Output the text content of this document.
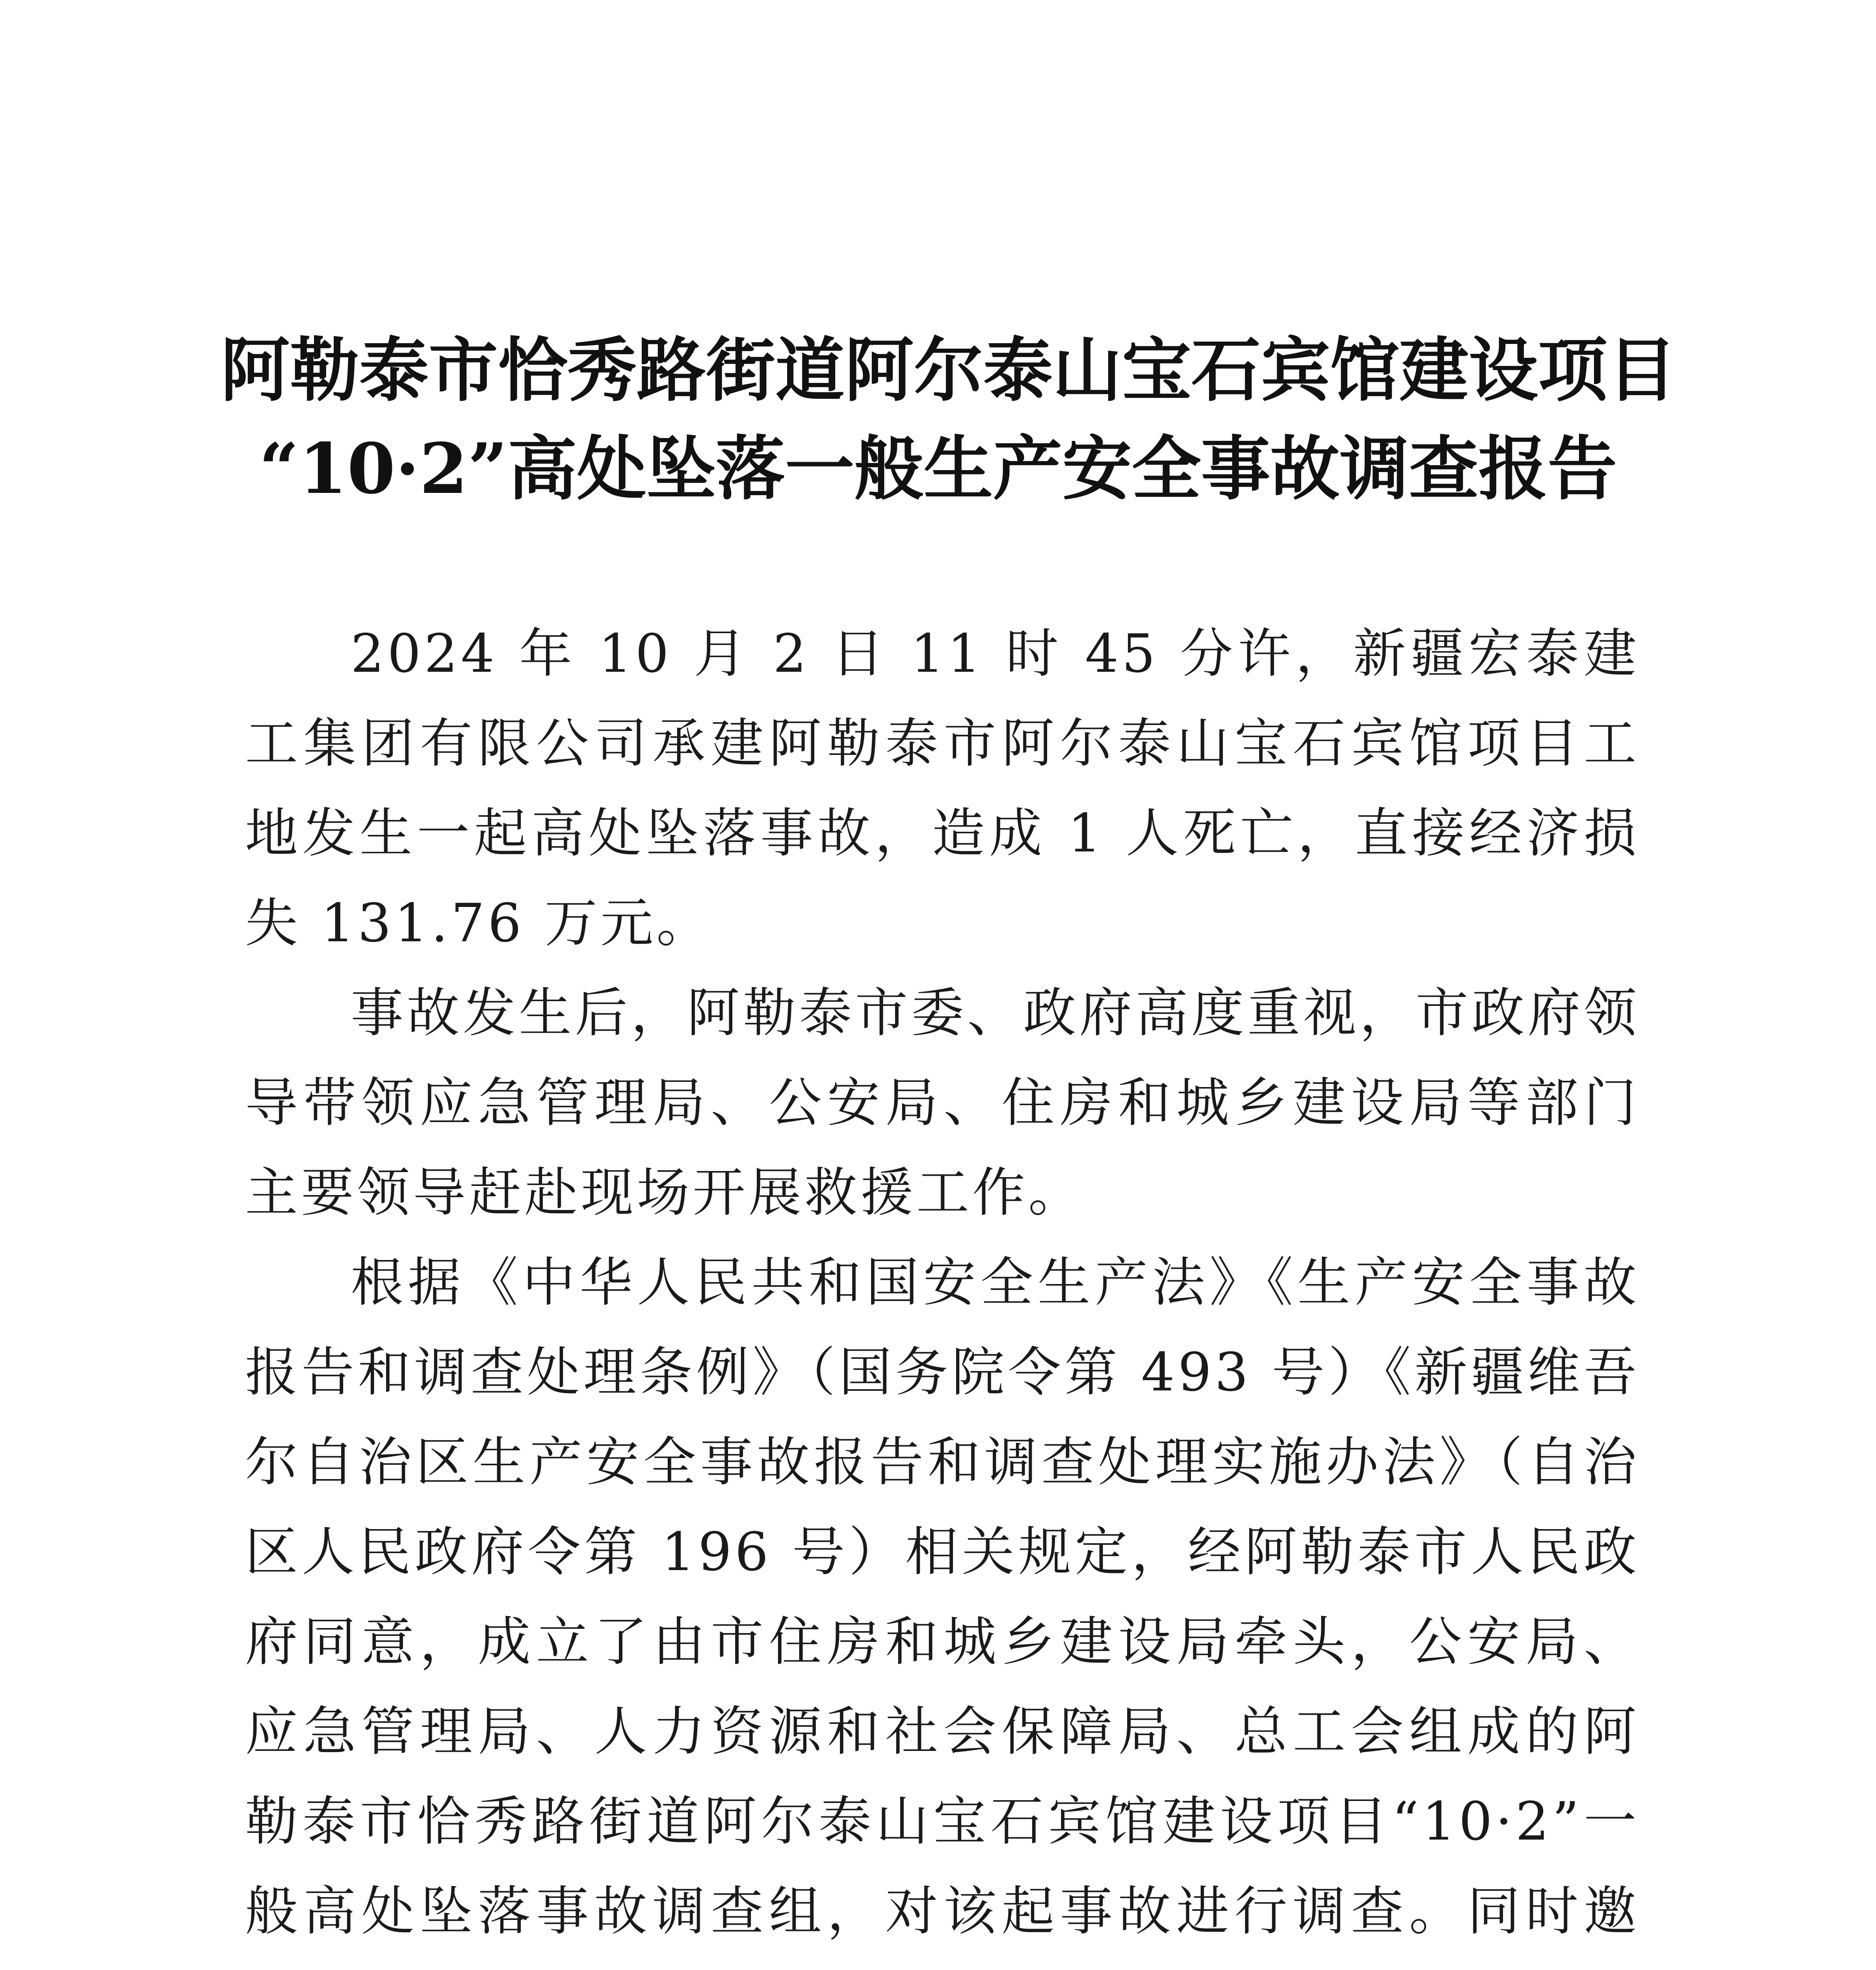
阿勒泰市恰秀路街道阿尔泰山宝石宾馆建设项目
“10·2”高处坠落一般生产安全事故调查报告

2024 年 10 月 2 日 11 时 45 分许，新疆宏泰建工集团有限公司承建阿勒泰市阿尔泰山宝石宾馆项目工地发生一起高处坠落事故，造成 1 人死亡，直接经济损失 131.76 万元。

事故发生后，阿勒泰市委、政府高度重视，市政府领导带领应急管理局、公安局、住房和城乡建设局等部门主要领导赶赴现场开展救援工作。

根据《中华人民共和国安全生产法》《生产安全事故报告和调查处理条例》（国务院令第 493 号）《新疆维吾尔自治区生产安全事故报告和调查处理实施办法》（自治区人民政府令第 196 号）相关规定，经阿勒泰市人民政府同意，成立了由市住房和城乡建设局牵头，公安局、应急管理局、人力资源和社会保障局、总工会组成的阿勒泰市恰秀路街道阿尔泰山宝石宾馆建设项目“10·2”一般高处坠落事故调查组，对该起事故进行调查。同时邀
